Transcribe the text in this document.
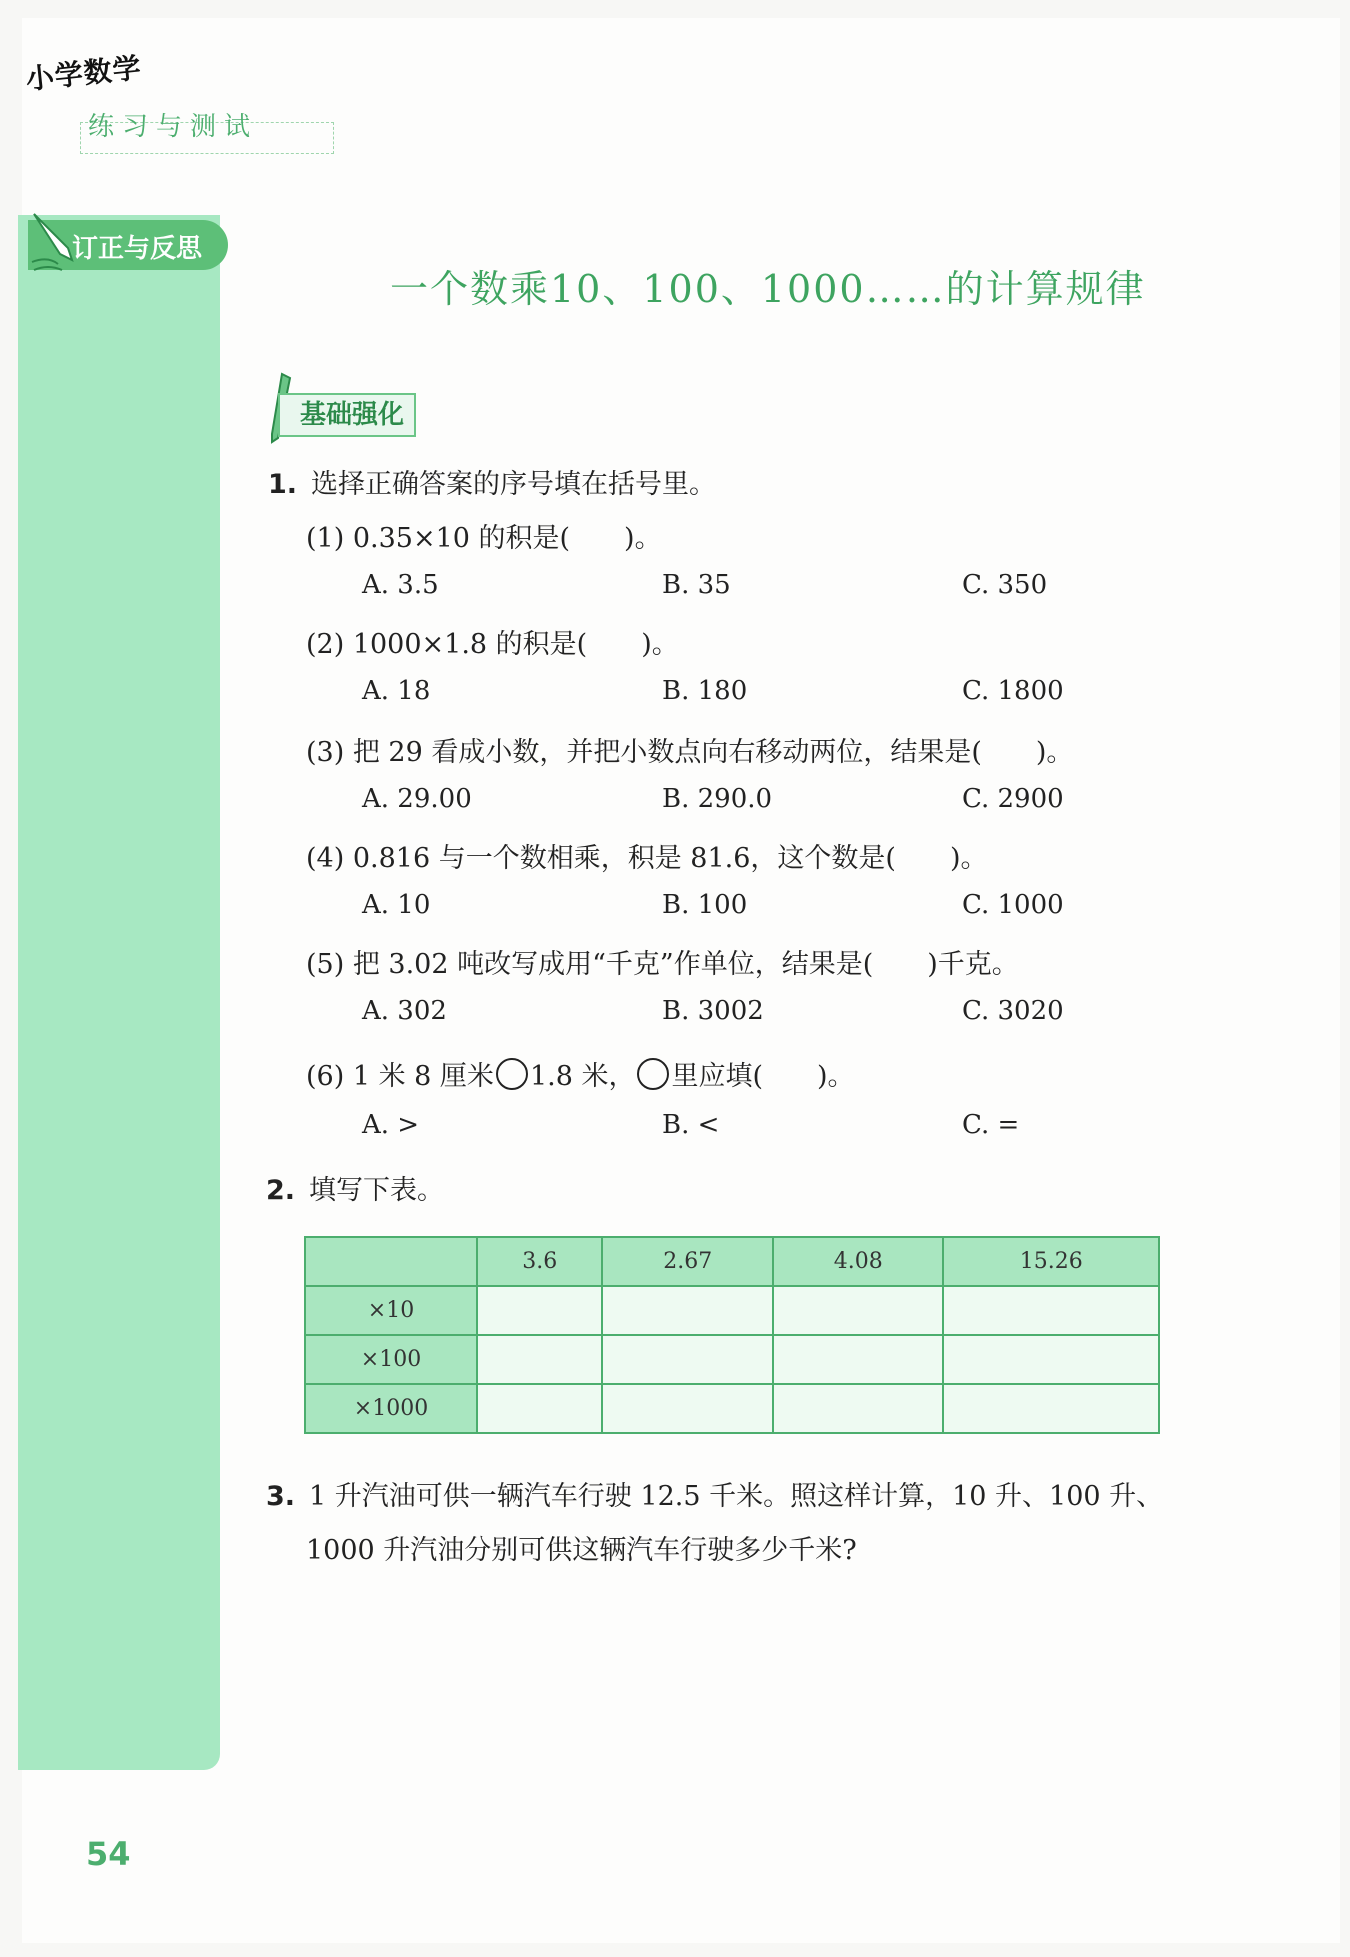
小学数学
练习与测试
订正与反思
一个数乘10、100、1000……的计算规律
基础强化
1. 选择正确答案的序号填在括号里。
(1) 0.35×10 的积是(　　)。
A. 3.5	B. 35	C. 350
(2) 1000×1.8 的积是(　　)。
A. 18	B. 180	C. 1800
(3) 把 29 看成小数，并把小数点向右移动两位，结果是(　　)。
A. 29.00	B. 290.0	C. 2900
(4) 0.816 与一个数相乘，积是 81.6，这个数是(　　)。
A. 10	B. 100	C. 1000
(5) 把 3.02 吨改写成用“千克”作单位，结果是(　　)千克。
A. 302	B. 3002	C. 3020
(6) 1 米 8 厘米 1.8 米， 里应填(　　)。
A. >	B. <	C. =
2. 填写下表。
	3.6	2.67	4.08	15.26
×10				
×100				
×1000				
3. 1 升汽油可供一辆汽车行驶 12.5 千米。照这样计算，10 升、100 升、
1000 升汽油分别可供这辆汽车行驶多少千米?
54
